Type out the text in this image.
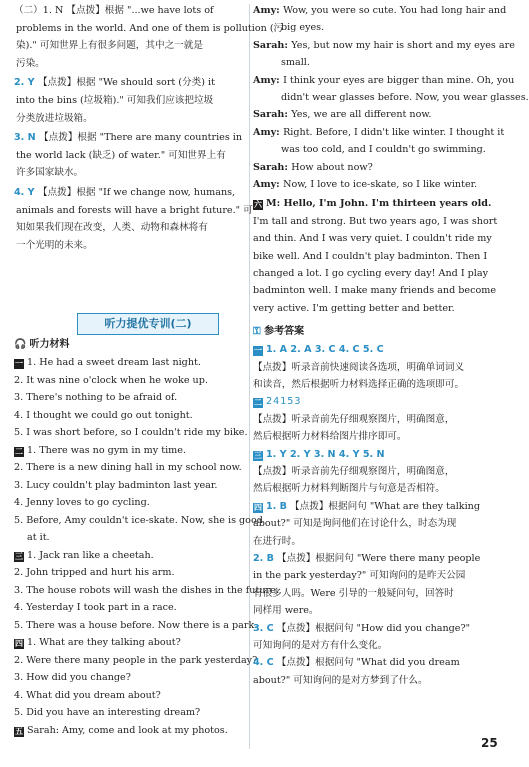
（二）1. N 【点拨】根据 "...we have lots of
problems in the world. And one of them is pollution (污
染)." 可知世界上有很多问题，其中之一就是
污染。
2. Y 【点拨】根据 "We should sort (分类) it
into the bins (垃圾箱)." 可知我们应该把垃圾
分类放进垃圾箱。
3. N 【点拨】根据 "There are many countries in
the world lack (缺乏) of water." 可知世界上有
许多国家缺水。
4. Y 【点拨】根据 "If we change now, humans,
animals and forests will have a bright future." 可
知如果我们现在改变，人类、动物和森林将有
一个光明的未来。
一 1. He had a sweet dream last night.
2. It was nine o'clock when he woke up.
3. There's nothing to be afraid of.
4. I thought we could go out tonight.
5. I was short before, so I couldn't ride my bike.
二 1. There was no gym in my time.
2. There is a new dining hall in my school now.
3. Lucy couldn't play badminton last year.
4. Jenny loves to go cycling.
5. Before, Amy couldn't ice-skate. Now, she is good
at it.
三 1. Jack ran like a cheetah.
2. John tripped and hurt his arm.
3. The house robots will wash the dishes in the future.
4. Yesterday I took part in a race.
5. There was a house before. Now there is a park.
四 1. What are they talking about?
2. Were there many people in the park yesterday?
3. How did you change?
4. What did you dream about?
5. Did you have an interesting dream?
五 Sarah: Amy, come and look at my photos.
听力提优专训(二)
🎧 听力材料
Amy: Wow, you were so cute. You had long hair and
big eyes.
Sarah: Yes, but now my hair is short and my eyes are
small.
Amy: I think your eyes are bigger than mine. Oh, you
didn't wear glasses before. Now, you wear glasses.
Sarah: Yes, we are all different now.
Amy: Right. Before, I didn't like winter. I thought it
was too cold, and I couldn't go swimming.
Sarah: How about now?
Amy: Now, I love to ice-skate, so I like winter.
六 M: Hello, I'm John. I'm thirteen years old.
I'm tall and strong. But two years ago, I was short
and thin. And I was very quiet. I couldn't ride my
bike well. And I couldn't play badminton. Then I
changed a lot. I go cycling every day! And I play
badminton well. I make many friends and become
very active. I'm getting better and better.
⚿ 参考答案
一 1. A 2. A 3. C 4. C 5. C
【点拨】听录音前快速阅读各选项，明确单词词义
和读音，然后根据听力材料选择正确的选项即可。
二 24153
【点拨】听录音前先仔细观察图片，明确图意，
然后根据听力材料给图片排序即可。
三 1. Y 2. Y 3. N 4. Y 5. N
【点拨】听录音前先仔细观察图片，明确图意，
然后根据听力材料判断图片与句意是否相符。
四 1. B 【点拨】根据问句 "What are they talking
about?" 可知是询问他们在讨论什么，时态为现
在进行时。
2. B 【点拨】根据问句 "Were there many people
in the park yesterday?" 可知询问的是昨天公园
有很多人吗。Were 引导的一般疑问句，回答时
同样用 were。
3. C 【点拨】根据问句 "How did you change?"
可知询问的是对方有什么变化。
4. C 【点拨】根据问句 "What did you dream
about?" 可知询问的是对方梦到了什么。
25
